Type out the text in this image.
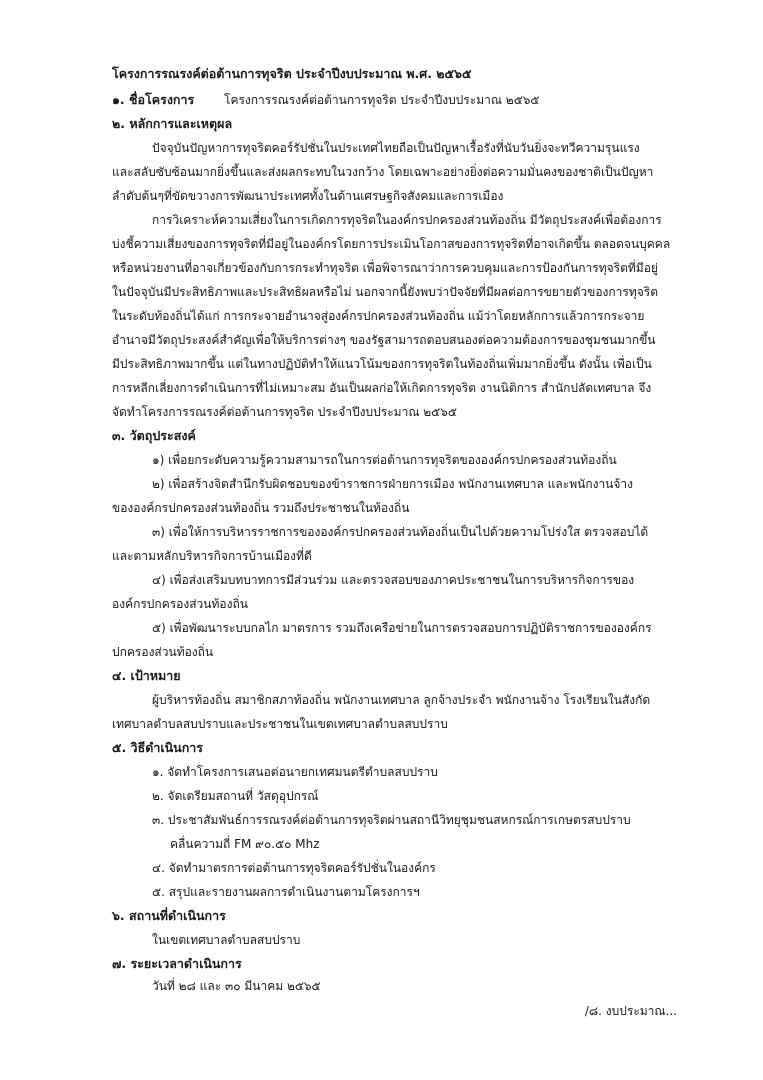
โครงการรณรงค์ต่อต้านการทุจริต ประจำปีงบประมาณ พ.ศ. ๒๕๖๕
๑. ชื่อโครงการ โครงการรณรงค์ต่อต้านการทุจริต ประจำปีงบประมาณ ๒๕๖๕
๒. หลักการและเหตุผล
ปัจจุบันปัญหาการทุจริตคอร์รัปชั่นในประเทศไทยถือเป็นปัญหาเรื้อรังที่นับวันยิ่งจะทวีความรุนแรง
และสลับซับซ้อนมากยิ่งขึ้นและส่งผลกระทบในวงกว้าง โดยเฉพาะอย่างยิ่งต่อความมั่นคงของชาติเป็นปัญหา
ลำดับต้นๆที่ขัดขวางการพัฒนาประเทศทั้งในด้านเศรษฐกิจสังคมและการเมือง
การวิเคราะห์ความเสี่ยงในการเกิดการทุจริตในองค์กรปกครองส่วนท้องถิ่น มีวัตถุประสงค์เพื่อต้องการ
บ่งชี้ความเสี่ยงของการทุจริตที่มีอยู่ในองค์กรโดยการประเมินโอกาสของการทุจริตที่อาจเกิดขึ้น ตลอดจนบุคคล
หรือหน่วยงานที่อาจเกี่ยวข้องกับการกระทำทุจริต เพื่อพิจารณาว่าการควบคุมและการป้องกันการทุจริตที่มีอยู่
ในปัจจุบันมีประสิทธิภาพและประสิทธิผลหรือไม่ นอกจากนี้ยังพบว่าปัจจัยที่มีผลต่อการขยายตัวของการทุจริต
ในระดับท้องถิ่นได้แก่ การกระจายอำนาจสู่องค์กรปกครองส่วนท้องถิ่น แม้ว่าโดยหลักการแล้วการกระจาย
อำนาจมีวัตถุประสงค์สำคัญเพื่อให้บริการต่างๆ ของรัฐสามารถตอบสนองต่อความต้องการของชุมชนมากขึ้น
มีประสิทธิภาพมากขึ้น แต่ในทางปฏิบัติทำให้แนวโน้มของการทุจริตในท้องถิ่นเพิ่มมากยิ่งขึ้น ดังนั้น เพื่อเป็น
การหลีกเลี่ยงการดำเนินการที่ไม่เหมาะสม อันเป็นผลก่อให้เกิดการทุจริต งานนิติการ สำนักปลัดเทศบาล จึง
จัดทำโครงการรณรงค์ต่อต้านการทุจริต ประจำปีงบประมาณ ๒๕๖๕
๓. วัตถุประสงค์
๑) เพื่อยกระดับความรู้ความสามารถในการต่อต้านการทุจริตขององค์กรปกครองส่วนท้องถิ่น
๒) เพื่อสร้างจิตสำนึกรับผิดชอบของข้าราชการฝ่ายการเมือง พนักงานเทศบาล และพนักงานจ้าง
ขององค์กรปกครองส่วนท้องถิ่น รวมถึงประชาชนในท้องถิ่น
๓) เพื่อให้การบริหารราชการขององค์กรปกครองส่วนท้องถิ่นเป็นไปด้วยความโปร่งใส ตรวจสอบได้
และตามหลักบริหารกิจการบ้านเมืองที่ดี
๔) เพื่อส่งเสริมบทบาทการมีส่วนร่วม และตรวจสอบของภาคประชาชนในการบริหารกิจการของ
องค์กรปกครองส่วนท้องถิ่น
๕) เพื่อพัฒนาระบบกลไก มาตรการ รวมถึงเครือข่ายในการตรวจสอบการปฏิบัติราชการขององค์กร
ปกครองส่วนท้องถิ่น
๔. เป้าหมาย
ผู้บริหารท้องถิ่น สมาชิกสภาท้องถิ่น พนักงานเทศบาล ลูกจ้างประจำ พนักงานจ้าง โรงเรียนในสังกัด
เทศบาลตำบลสบปราบและประชาชนในเขตเทศบาลตำบลสบปราบ
๕. วิธีดำเนินการ
๑. จัดทำโครงการเสนอต่อนายกเทศมนตรีตำบลสบปราบ
๒. จัดเตรียมสถานที่ วัสดุอุปกรณ์
๓. ประชาสัมพันธ์การรณรงค์ต่อต้านการทุจริตผ่านสถานีวิทยุชุมชนสหกรณ์การเกษตรสบปราบ
คลื่นความถี่ FM ๙๐.๕๐ Mhz
๔. จัดทำมาตรการต่อต้านการทุจริตคอร์รัปชั่นในองค์กร
๕. สรุปและรายงานผลการดำเนินงานตามโครงการฯ
๖. สถานที่ดำเนินการ
ในเขตเทศบาลตำบลสบปราบ
๗. ระยะเวลาดำเนินการ
วันที่ ๒๘ และ ๓๐ มีนาคม ๒๕๖๕
/๘. งบประมาณ...
